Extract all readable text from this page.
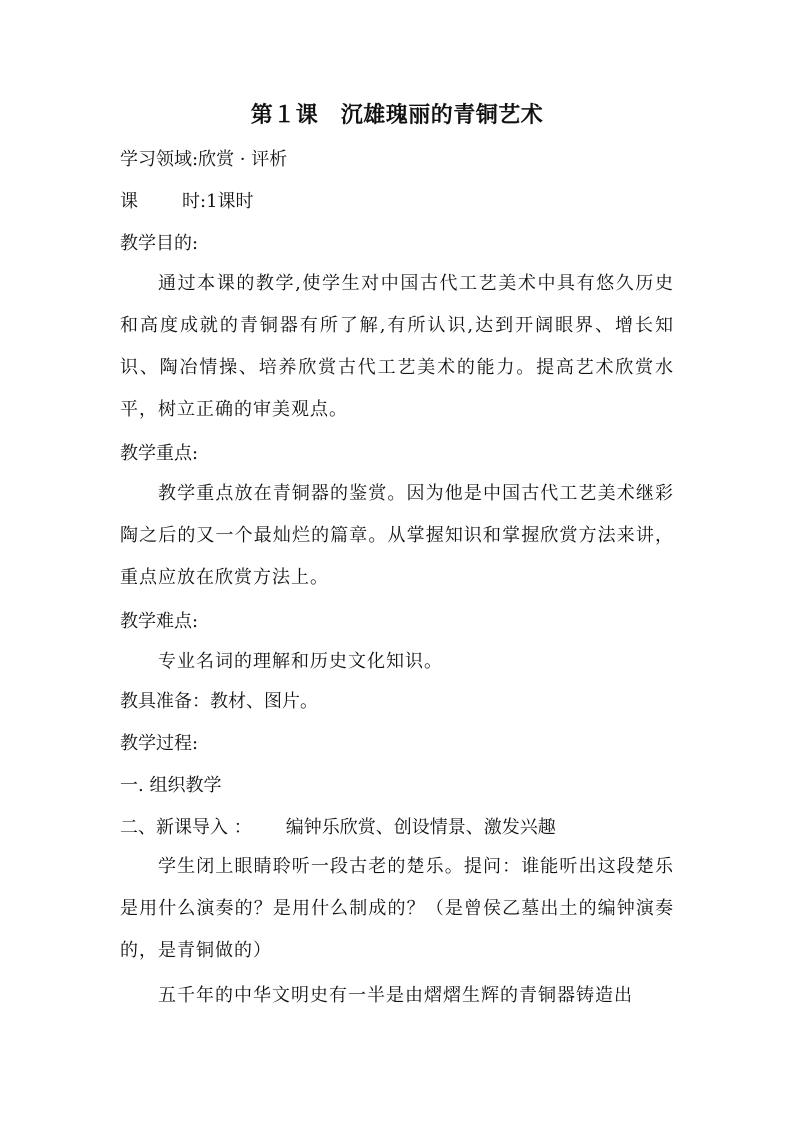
第１课　沉雄瑰丽的青铜艺术
学习领域:欣赏 · 评析
课 时:1课时
教学目的:
通过本课的教学,使学生对中国古代工艺美术中具有悠久历史和高度成就的青铜器有所了解,有所认识,达到开阔眼界、增长知识、陶冶情操、培养欣赏古代工艺美术的能力。提高艺术欣赏水平，树立正确的审美观点。
教学重点:
教学重点放在青铜器的鉴赏。因为他是中国古代工艺美术继彩陶之后的又一个最灿烂的篇章。从掌握知识和掌握欣赏方法来讲，重点应放在欣赏方法上。
教学难点:
专业名词的理解和历史文化知识。
教具准备：教材、图片。
教学过程:
一. 组织教学
二、新课导入 ： 编钟乐欣赏、创设情景、激发兴趣
学生闭上眼睛聆听一段古老的楚乐。提问：谁能听出这段楚乐是用什么演奏的？是用什么制成的？（是曾侯乙墓出土的编钟演奏的，是青铜做的）
五千年的中华文明史有一半是由熠熠生辉的青铜器铸造出
